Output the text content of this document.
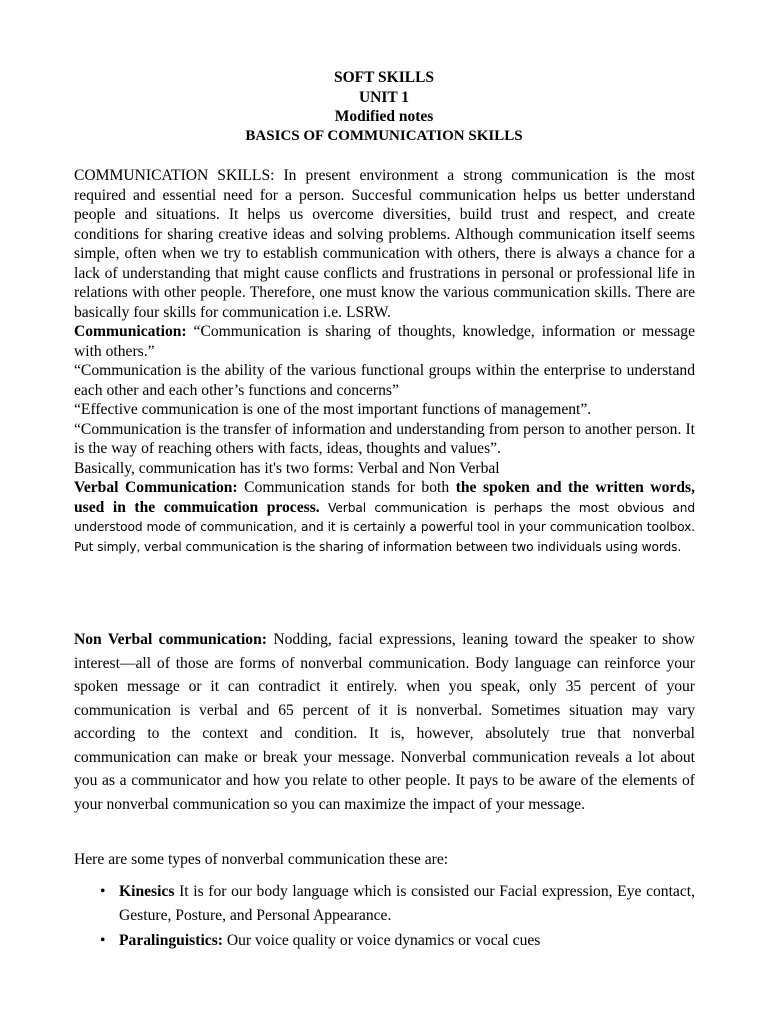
SOFT SKILLS
UNIT 1
Modified notes
BASICS OF COMMUNICATION SKILLS

COMMUNICATION SKILLS: In present environment a strong communication is the most required and essential need for a person. Succesful communication helps us better understand people and situations. It helps us overcome diversities, build trust and respect, and create conditions for sharing creative ideas and solving problems. Although communication itself seems simple, often when we try to establish communication with others, there is always a chance for a lack of understanding that might cause conflicts and frustrations in personal or professional life in relations with other people. Therefore, one must know the various communication skills. There are basically four skills for communication i.e. LSRW.

Communication: “Communication is sharing of thoughts, knowledge, information or message with others.”

“Communication is the ability of the various functional groups within the enterprise to understand each other and each other’s functions and concerns”

“Effective communication is one of the most important functions of management”.

“Communication is the transfer of information and understanding from person to another person. It is the way of reaching others with facts, ideas, thoughts and values”.

Basically, communication has it's two forms: Verbal and Non Verbal

Verbal Communication: Communication stands for both the spoken and the written words, used in the commuication process. Verbal communication is perhaps the most obvious and understood mode of communication, and it is certainly a powerful tool in your communication toolbox. Put simply, verbal communication is the sharing of information between two individuals using words.

Non Verbal communication: Nodding, facial expressions, leaning toward the speaker to show interest—all of those are forms of nonverbal communication. Body language can reinforce your spoken message or it can contradict it entirely. when you speak, only 35 percent of your communication is verbal and 65 percent of it is nonverbal. Sometimes situation may vary according to the context and condition. It is, however, absolutely true that nonverbal communication can make or break your message. Nonverbal communication reveals a lot about you as a communicator and how you relate to other people. It pays to be aware of the elements of your nonverbal communication so you can maximize the impact of your message.

Here are some types of nonverbal communication these are:

• Kinesics It is for our body language which is consisted our Facial expression, Eye contact, Gesture, Posture, and Personal Appearance.
• Paralinguistics: Our voice quality or voice dynamics or vocal cues
